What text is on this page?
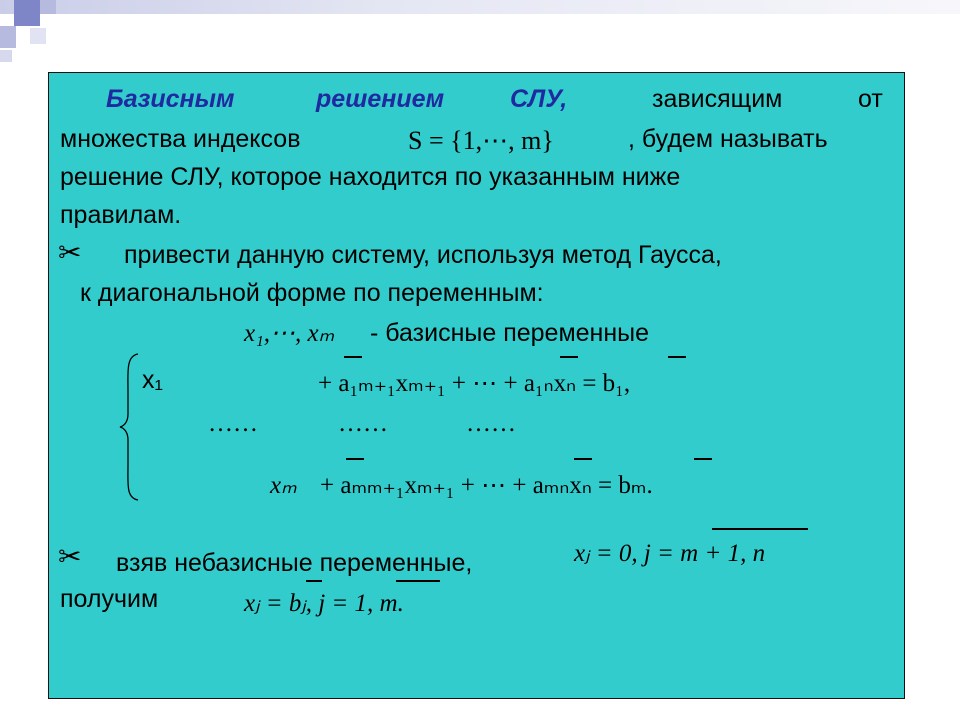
Базисным	решением	СЛУ,	зависящим	от
множества индексов	S = {1,⋯, m}	, будем называть
решение СЛУ, которое находится по указанным ниже
правилам.
✂ привести данную систему, используя метод Гаусса,
к диагональной форме по переменным:
x₁,⋯, xₘ - базисные переменные
x₁	+ a₁ₘ₊₁xₘ₊₁ + ⋯ + a₁ₙxₙ = b₁,
……	……	……
xₘ + aₘₘ₊₁xₘ₊₁ + ⋯ + aₘₙxₙ = bₘ.
✂ взяв небазисные переменные,	xⱼ = 0, j = m + 1, n
получим	xⱼ = bⱼ, j = 1, m.
